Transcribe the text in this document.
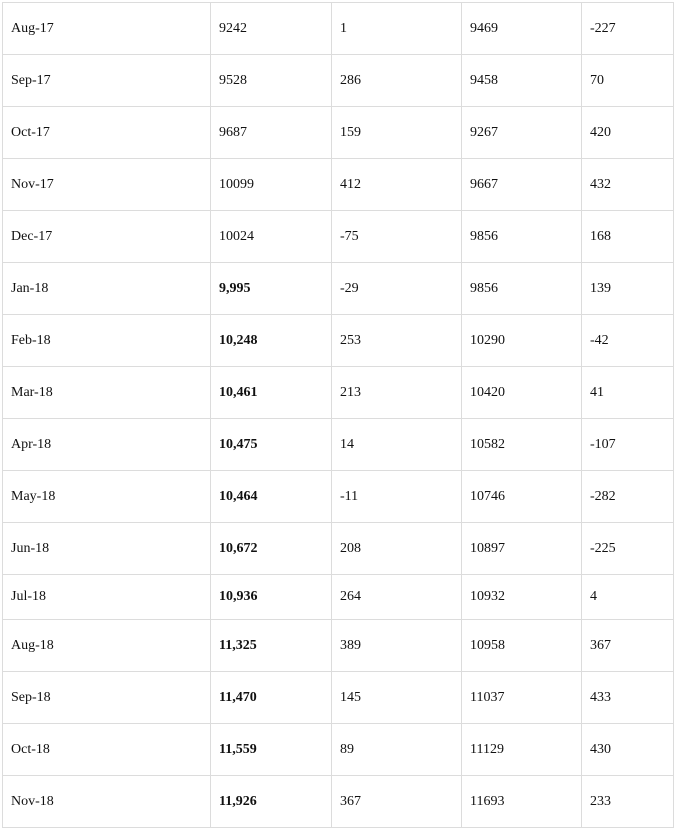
Aug-17	9242	1	9469	-227
Sep-17	9528	286	9458	70
Oct-17	9687	159	9267	420
Nov-17	10099	412	9667	432
Dec-17	10024	-75	9856	168
Jan-18	9,995	-29	9856	139
Feb-18	10,248	253	10290	-42
Mar-18	10,461	213	10420	41
Apr-18	10,475	14	10582	-107
May-18	10,464	-11	10746	-282
Jun-18	10,672	208	10897	-225
Jul-18	10,936	264	10932	4
Aug-18	11,325	389	10958	367
Sep-18	11,470	145	11037	433
Oct-18	11,559	89	11129	430
Nov-18	11,926	367	11693	233
